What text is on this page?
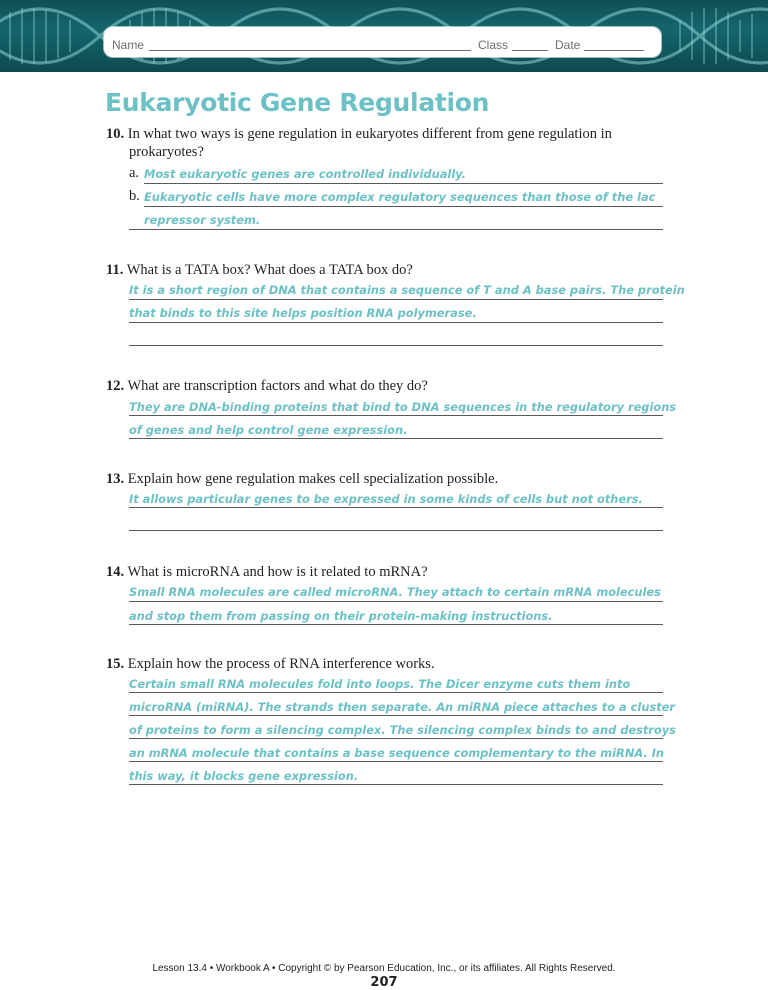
Name	Class	Date
Eukaryotic Gene Regulation
10. In what two ways is gene regulation in eukaryotes different from gene regulation in
prokaryotes?
a. Most eukaryotic genes are controlled individually.
b. Eukaryotic cells have more complex regulatory sequences than those of the lac
repressor system.
11. What is a TATA box? What does a TATA box do?
It is a short region of DNA that contains a sequence of T and A base pairs. The protein
that binds to this site helps position RNA polymerase.
12. What are transcription factors and what do they do?
They are DNA-binding proteins that bind to DNA sequences in the regulatory regions
of genes and help control gene expression.
13. Explain how gene regulation makes cell specialization possible.
It allows particular genes to be expressed in some kinds of cells but not others.
14. What is microRNA and how is it related to mRNA?
Small RNA molecules are called microRNA. They attach to certain mRNA molecules
and stop them from passing on their protein-making instructions.
15. Explain how the process of RNA interference works.
Certain small RNA molecules fold into loops. The Dicer enzyme cuts them into
microRNA (miRNA). The strands then separate. An miRNA piece attaches to a cluster
of proteins to form a silencing complex. The silencing complex binds to and destroys
an mRNA molecule that contains a base sequence complementary to the miRNA. In
this way, it blocks gene expression.
Lesson 13.4 • Workbook A • Copyright © by Pearson Education, Inc., or its affiliates. All Rights Reserved.
207
